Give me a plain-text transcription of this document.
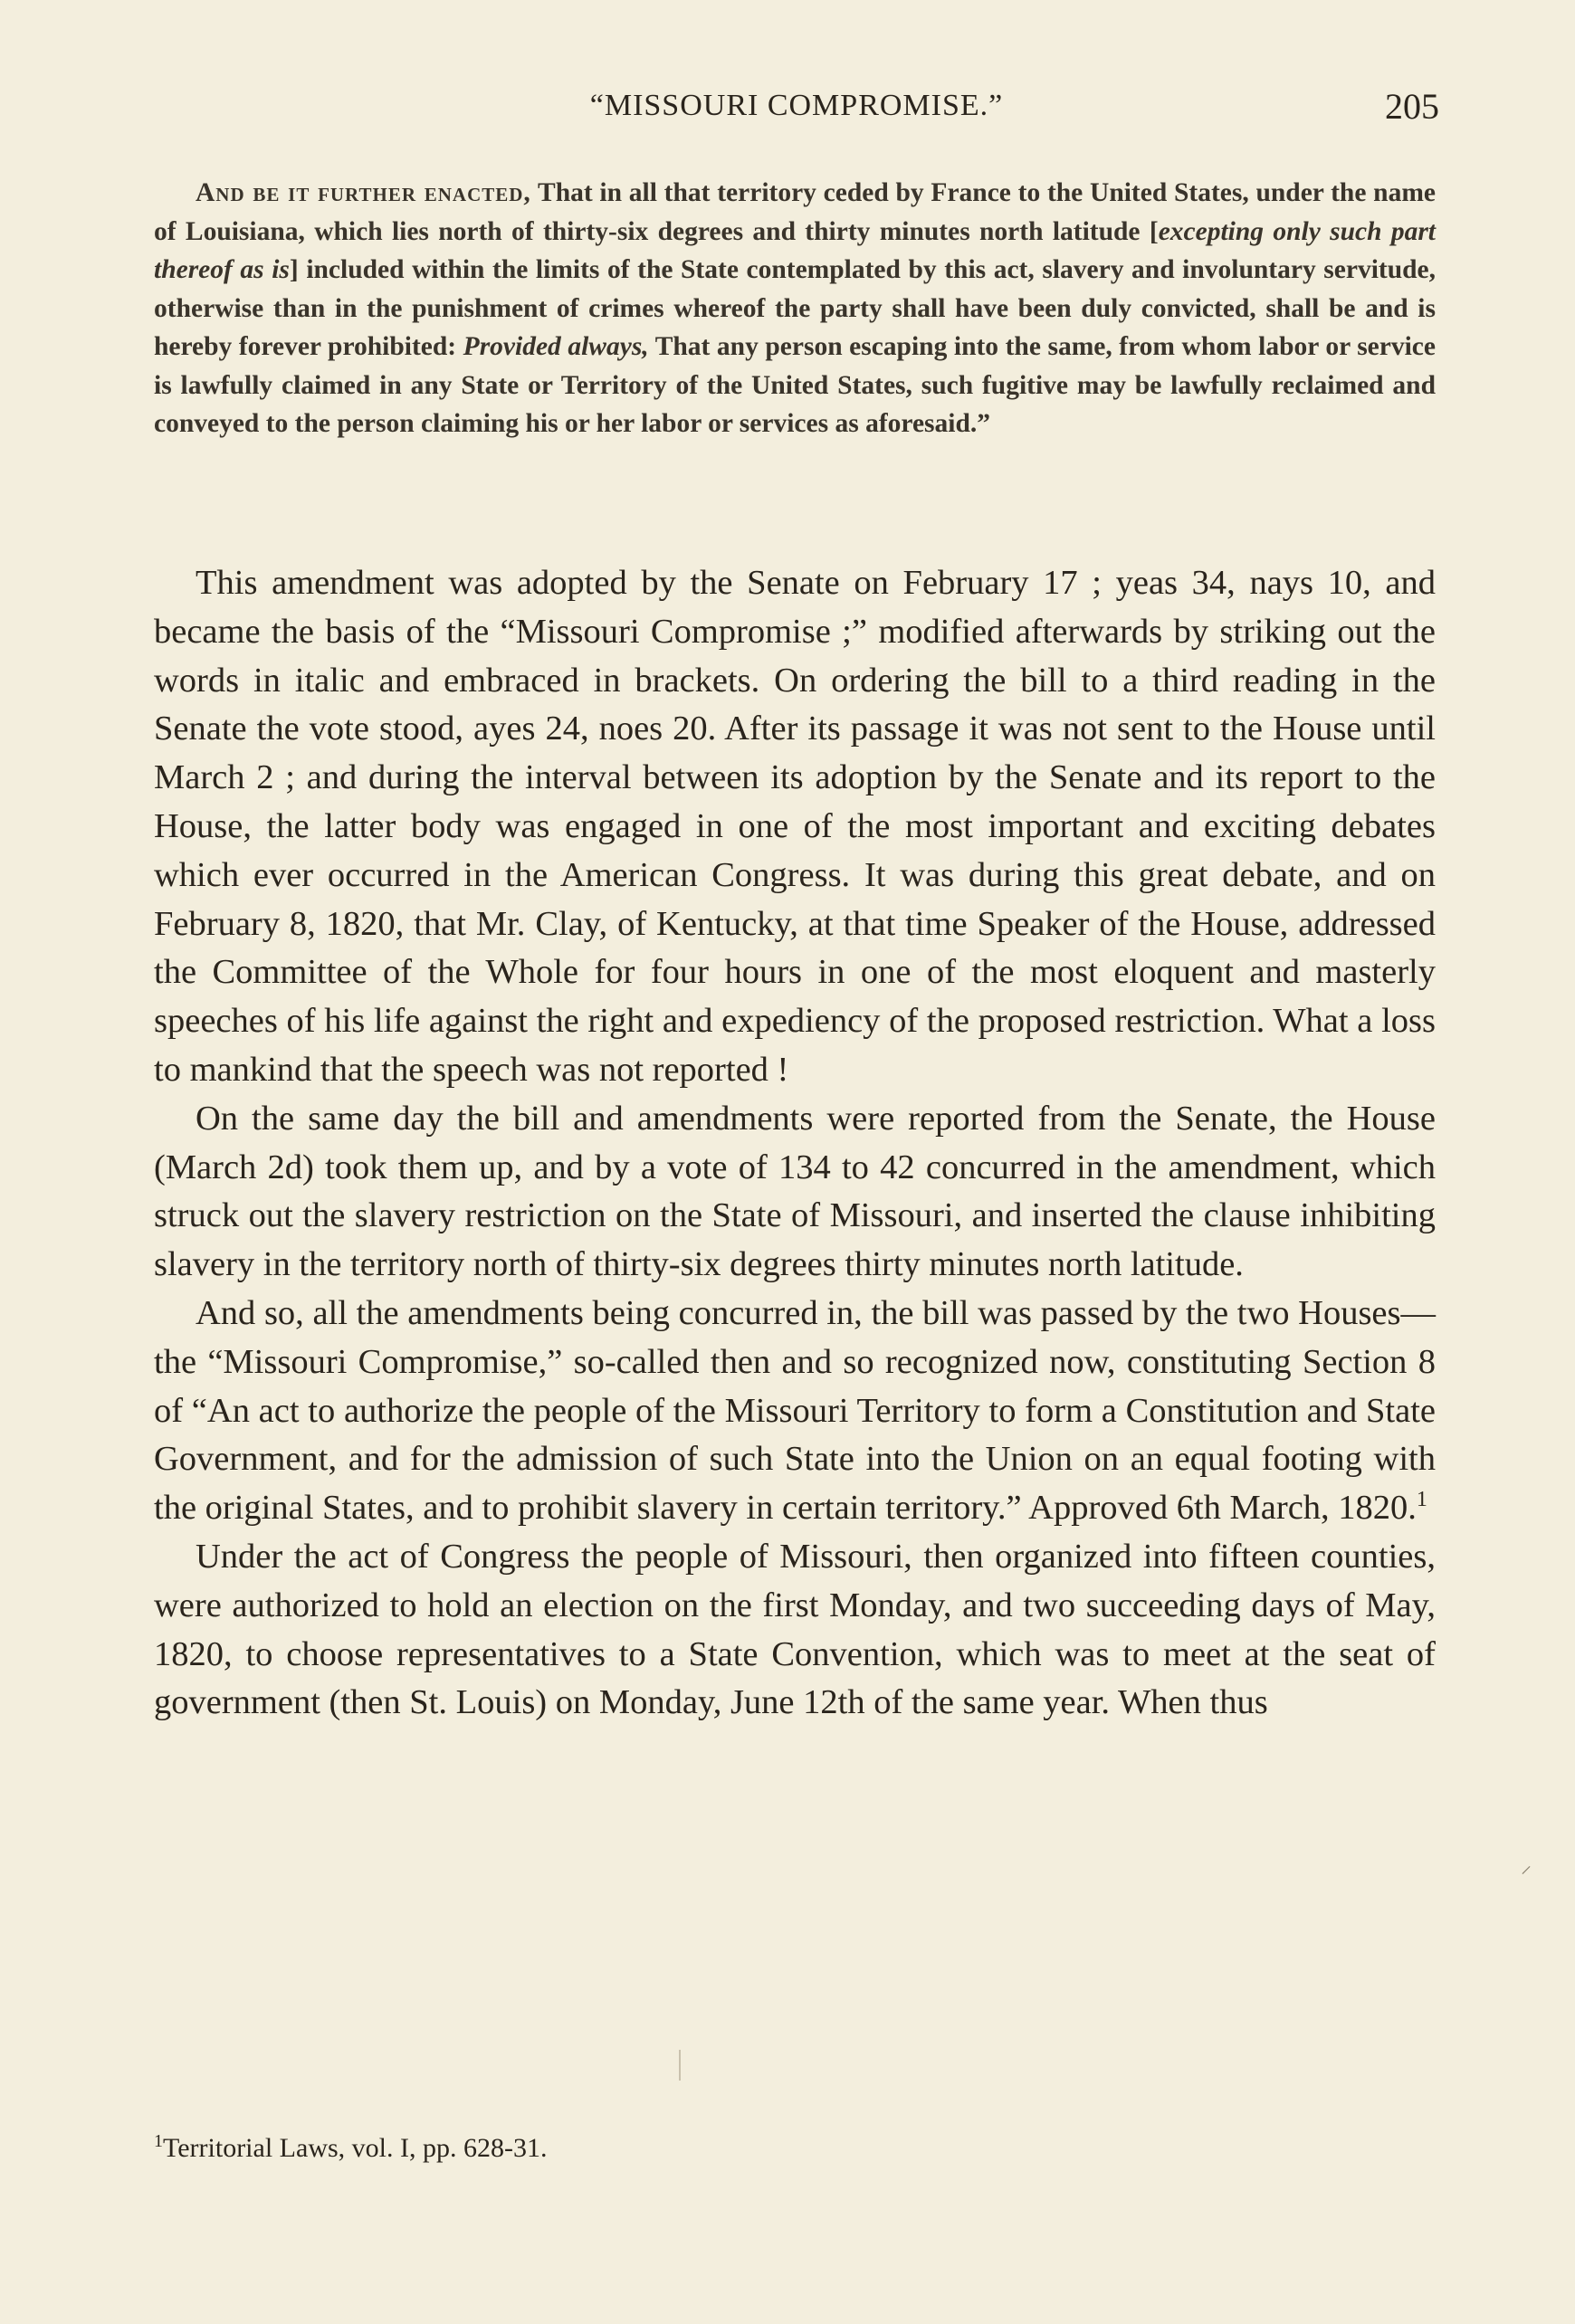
“MISSOURI COMPROMISE.”	205

And be it further enacted, That in all that territory ceded by France to the United States, under the name of Louisiana, which lies north of thirty-six degrees and thirty minutes north latitude [excepting only such part thereof as is] included within the limits of the State contemplated by this act, slavery and involuntary servitude, otherwise than in the punishment of crimes whereof the party shall have been duly convicted, shall be and is hereby forever prohibited: Provided always, That any person escaping into the same, from whom labor or service is lawfully claimed in any State or Territory of the United States, such fugitive may be lawfully reclaimed and conveyed to the person claiming his or her labor or services as aforesaid.”

This amendment was adopted by the Senate on February 17 ; yeas 34, nays 10, and became the basis of the “Missouri Compromise ;” modified afterwards by striking out the words in italic and embraced in brackets. On ordering the bill to a third reading in the Senate the vote stood, ayes 24, noes 20. After its passage it was not sent to the House until March 2 ; and during the interval between its adoption by the Senate and its report to the House, the latter body was engaged in one of the most important and exciting debates which ever occurred in the American Congress. It was during this great debate, and on February 8, 1820, that Mr. Clay, of Kentucky, at that time Speaker of the House, addressed the Committee of the Whole for four hours in one of the most eloquent and masterly speeches of his life against the right and expediency of the proposed restriction. What a loss to mankind that the speech was not reported !

On the same day the bill and amendments were reported from the Senate, the House (March 2d) took them up, and by a vote of 134 to 42 concurred in the amendment, which struck out the slavery restriction on the State of Missouri, and inserted the clause inhibiting slavery in the territory north of thirty-six degrees thirty minutes north latitude.

And so, all the amendments being concurred in, the bill was passed by the two Houses—the “Missouri Compromise,” so-called then and so recognized now, constituting Section 8 of “An act to authorize the people of the Missouri Territory to form a Constitution and State Government, and for the admission of such State into the Union on an equal footing with the original States, and to prohibit slavery in certain territory.” Approved 6th March, 1820.$^1$

Under the act of Congress the people of Missouri, then organized into fifteen counties, were authorized to hold an election on the first Monday, and two succeeding days of May, 1820, to choose representatives to a State Convention, which was to meet at the seat of government (then St. Louis) on Monday, June 12th of the same year. When thus

⸝

$^1$Territorial Laws, vol. I, pp. 628-31.
